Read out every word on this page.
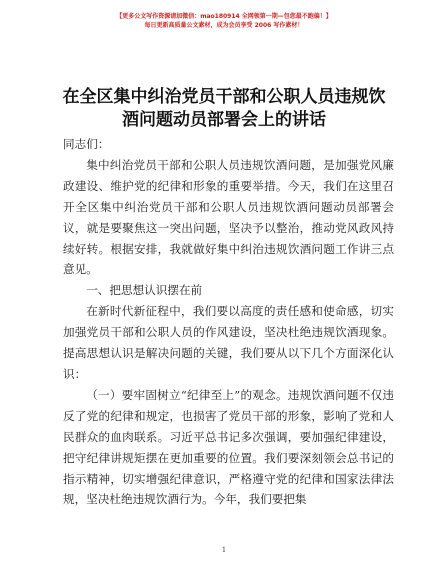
【更多公文写作资源请加微信：mao180914 全网领第一期—包您最不跑偏！】
每日更新高质量公文素材，成为会员享受 2006 写作素材！
在全区集中纠治党员干部和公职人员违规饮酒问题动员部署会上的讲话

同志们：

集中纠治党员干部和公职人员违规饮酒问题，是加强党风廉政建设、维护党的纪律和形象的重要举措。今天，我们在这里召开全区集中纠治党员干部和公职人员违规饮酒问题动员部署会议，就是要聚焦这一突出问题，坚决予以整治，推动党风政风持续好转。根据安排，我就做好集中纠治违规饮酒问题工作讲三点意见。

一、把思想认识摆在前

在新时代新征程中，我们要以高度的责任感和使命感，切实加强党员干部和公职人员的作风建设，坚决杜绝违规饮酒现象。提高思想认识是解决问题的关键，我们要从以下几个方面深化认识：

（一）要牢固树立“纪律至上”的观念。违规饮酒问题不仅违反了党的纪律和规定，也损害了党员干部的形象，影响了党和人民群众的血肉联系。习近平总书记多次强调，要加强纪律建设，把守纪律讲规矩摆在更加重要的位置。我们要深刻领会总书记的指示精神，切实增强纪律意识，严格遵守党的纪律和国家法律法规，坚决杜绝违规饮酒行为。今年，我们要把集

1
